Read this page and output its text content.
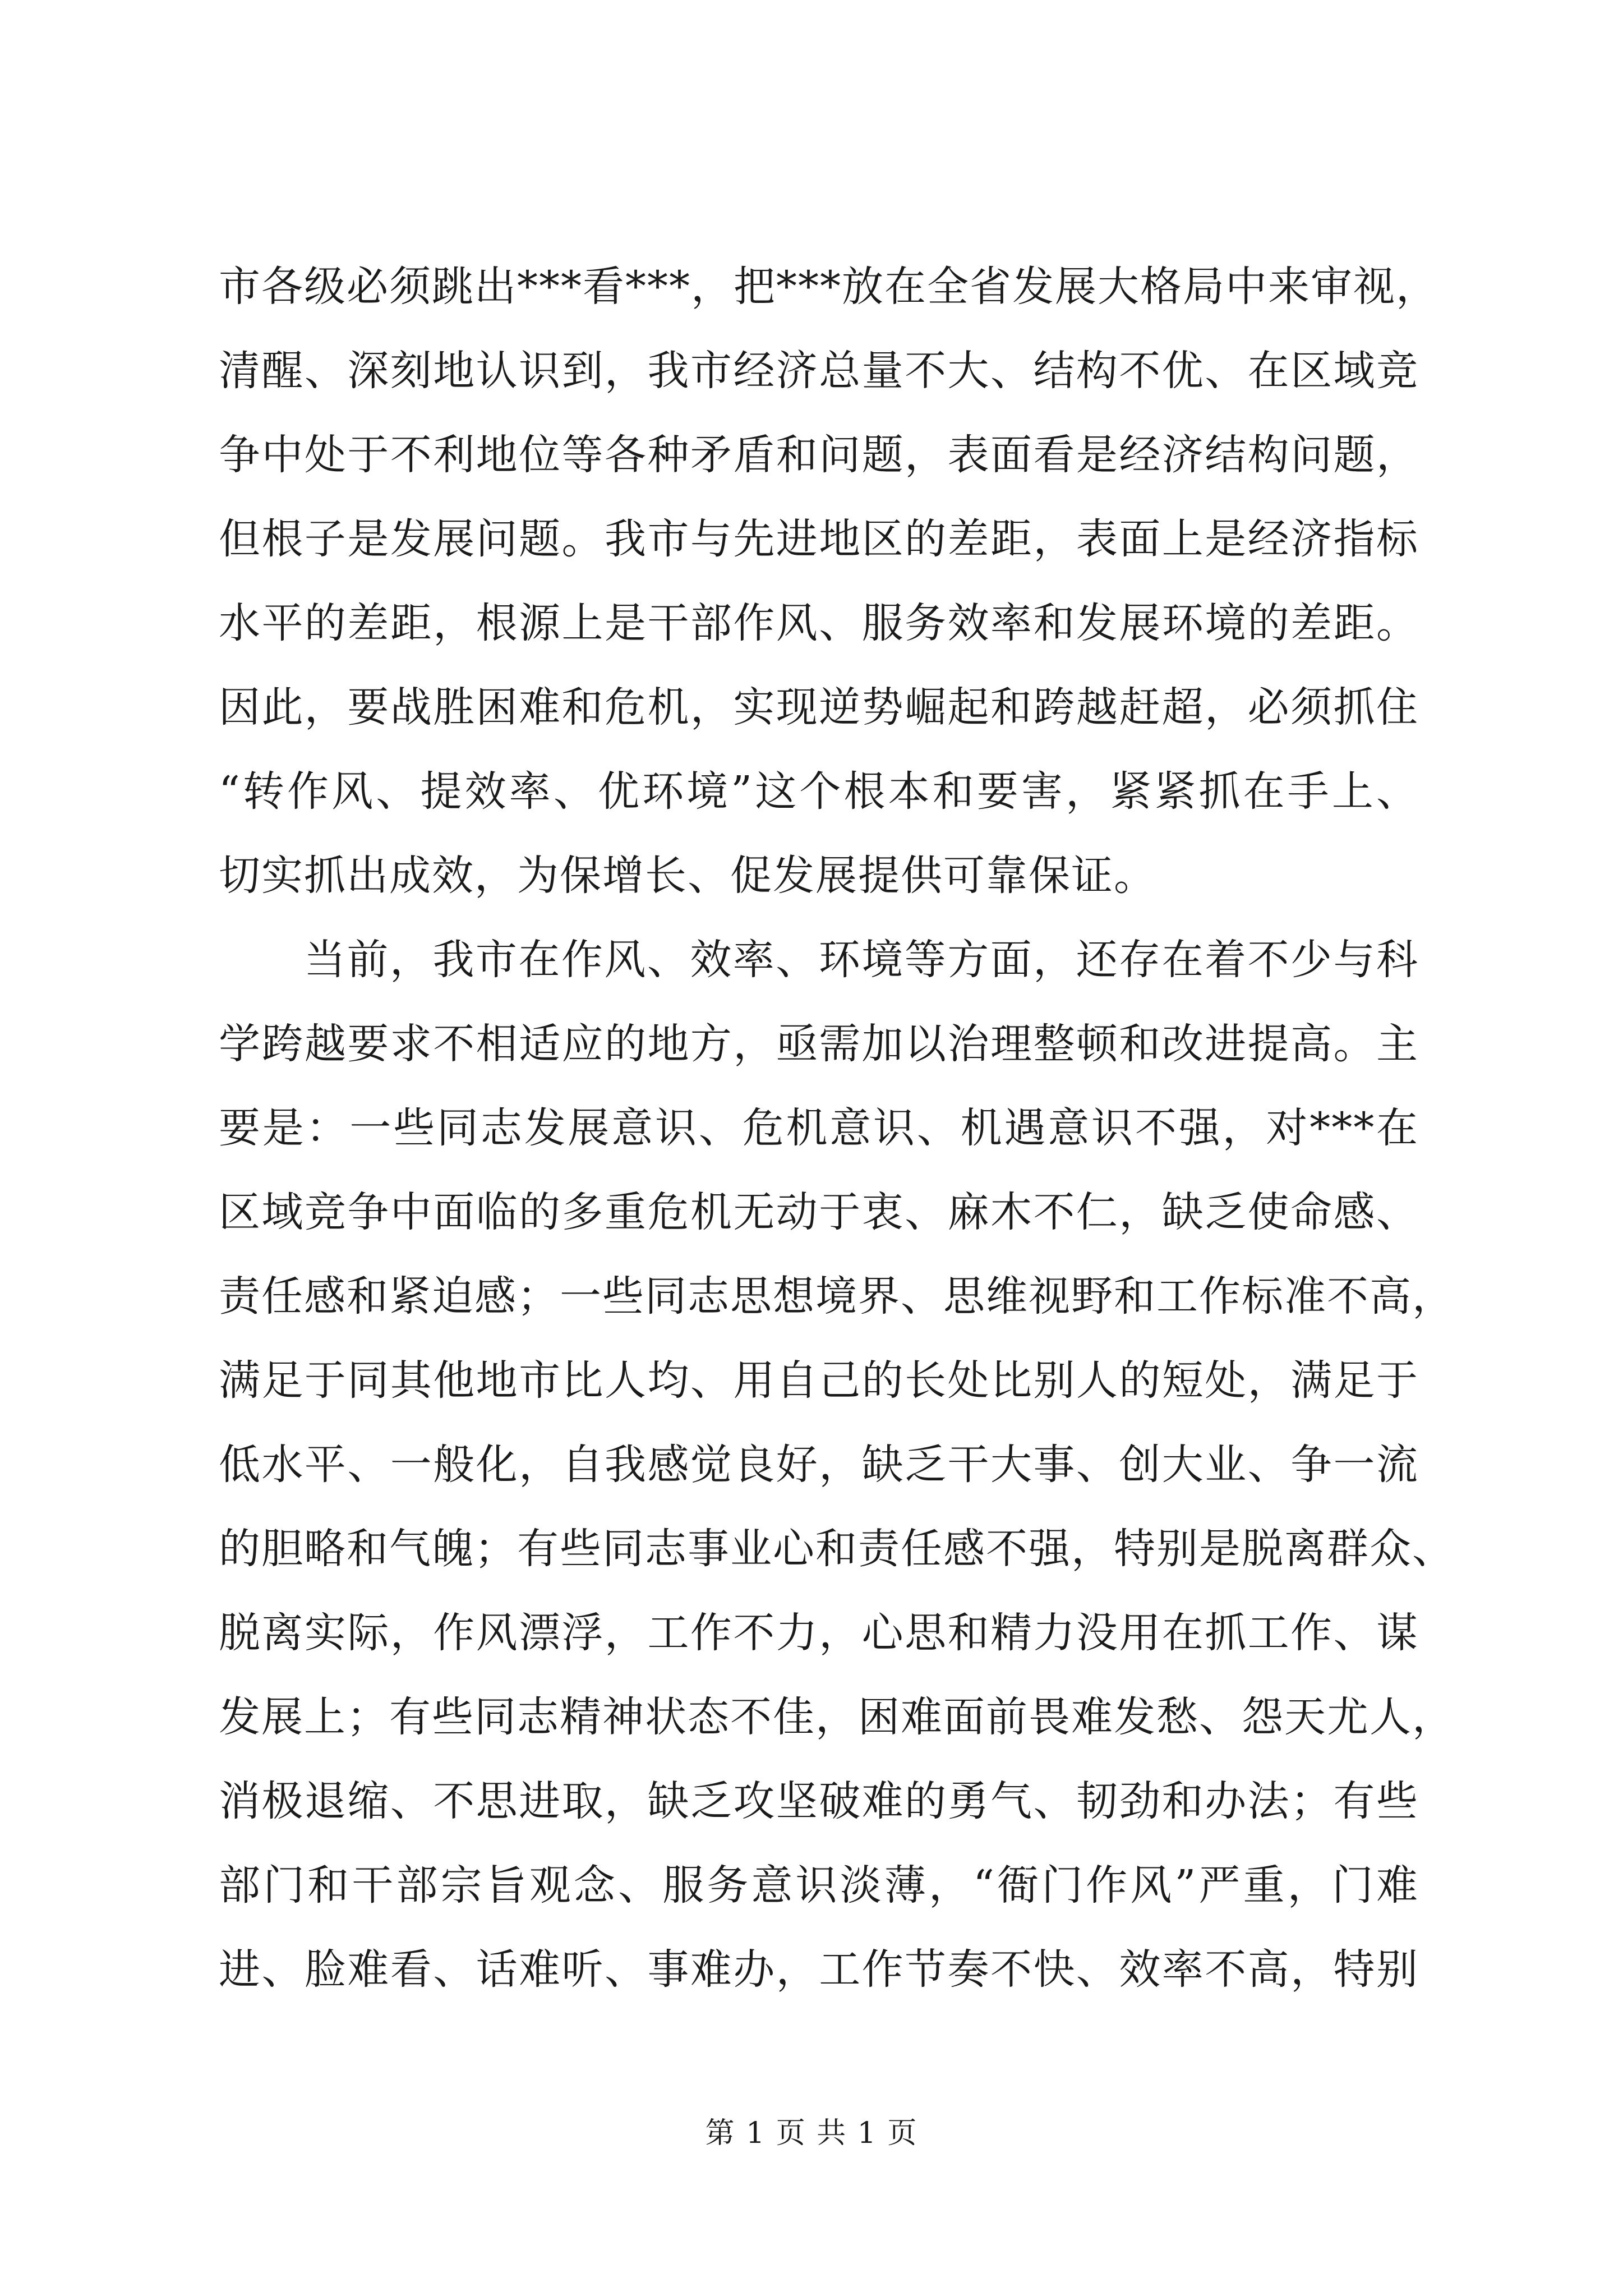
市各级必须跳出***看***，把***放在全省发展大格局中来审视，
清醒、深刻地认识到，我市经济总量不大、结构不优、在区域竞
争中处于不利地位等各种矛盾和问题，表面看是经济结构问题，
但根子是发展问题。我市与先进地区的差距，表面上是经济指标
水平的差距，根源上是干部作风、服务效率和发展环境的差距。
因此，要战胜困难和危机，实现逆势崛起和跨越赶超，必须抓住
“转作风、提效率、优环境”这个根本和要害，紧紧抓在手上、
切实抓出成效，为保增长、促发展提供可靠保证。
当前，我市在作风、效率、环境等方面，还存在着不少与科
学跨越要求不相适应的地方，亟需加以治理整顿和改进提高。主
要是：一些同志发展意识、危机意识、机遇意识不强，对***在
区域竞争中面临的多重危机无动于衷、麻木不仁，缺乏使命感、
责任感和紧迫感；一些同志思想境界、思维视野和工作标准不高，
满足于同其他地市比人均、用自己的长处比别人的短处，满足于
低水平、一般化，自我感觉良好，缺乏干大事、创大业、争一流
的胆略和气魄；有些同志事业心和责任感不强，特别是脱离群众、
脱离实际，作风漂浮，工作不力，心思和精力没用在抓工作、谋
发展上；有些同志精神状态不佳，困难面前畏难发愁、怨天尤人，
消极退缩、不思进取，缺乏攻坚破难的勇气、韧劲和办法；有些
部门和干部宗旨观念、服务意识淡薄，“衙门作风”严重，门难
进、脸难看、话难听、事难办，工作节奏不快、效率不高，特别
第 1 页 共 1 页
